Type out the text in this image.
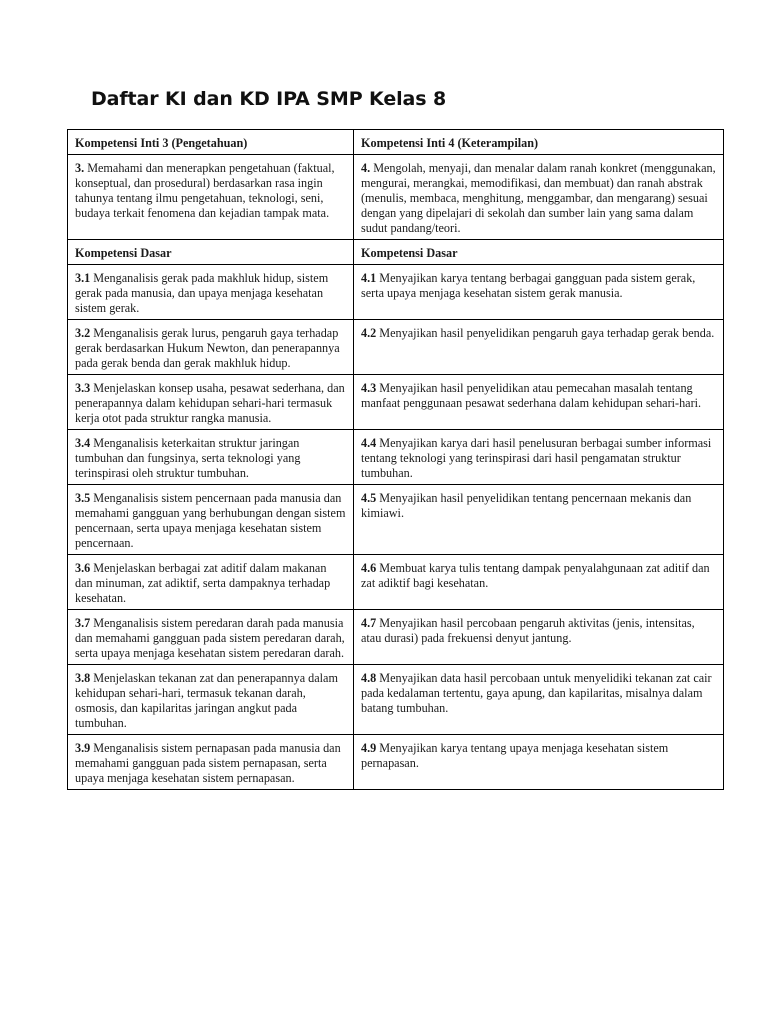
Daftar KI dan KD IPA SMP Kelas 8
Kompetensi Inti 3 (Pengetahuan)	Kompetensi Inti 4 (Keterampilan)
3. Memahami dan menerapkan pengetahuan (faktual, konseptual, dan prosedural) berdasarkan rasa ingin tahunya tentang ilmu pengetahuan, teknologi, seni, budaya terkait fenomena dan kejadian tampak mata.	4. Mengolah, menyaji, dan menalar dalam ranah konkret (menggunakan, mengurai, merangkai, memodifikasi, dan membuat) dan ranah abstrak (menulis, membaca, menghitung, menggambar, dan mengarang) sesuai dengan yang dipelajari di sekolah dan sumber lain yang sama dalam sudut pandang/teori.
Kompetensi Dasar	Kompetensi Dasar
3.1 Menganalisis gerak pada makhluk hidup, sistem gerak pada manusia, dan upaya menjaga kesehatan sistem gerak.	4.1 Menyajikan karya tentang berbagai gangguan pada sistem gerak, serta upaya menjaga kesehatan sistem gerak manusia.
3.2 Menganalisis gerak lurus, pengaruh gaya terhadap gerak berdasarkan Hukum Newton, dan penerapannya pada gerak benda dan gerak makhluk hidup.	4.2 Menyajikan hasil penyelidikan pengaruh gaya terhadap gerak benda.
3.3 Menjelaskan konsep usaha, pesawat sederhana, dan penerapannya dalam kehidupan sehari-hari termasuk kerja otot pada struktur rangka manusia.	4.3 Menyajikan hasil penyelidikan atau pemecahan masalah tentang manfaat penggunaan pesawat sederhana dalam kehidupan sehari-hari.
3.4 Menganalisis keterkaitan struktur jaringan tumbuhan dan fungsinya, serta teknologi yang terinspirasi oleh struktur tumbuhan.	4.4 Menyajikan karya dari hasil penelusuran berbagai sumber informasi tentang teknologi yang terinspirasi dari hasil pengamatan struktur tumbuhan.
3.5 Menganalisis sistem pencernaan pada manusia dan memahami gangguan yang berhubungan dengan sistem pencernaan, serta upaya menjaga kesehatan sistem pencernaan.	4.5 Menyajikan hasil penyelidikan tentang pencernaan mekanis dan kimiawi.
3.6 Menjelaskan berbagai zat aditif dalam makanan dan minuman, zat adiktif, serta dampaknya terhadap kesehatan.	4.6 Membuat karya tulis tentang dampak penyalahgunaan zat aditif dan zat adiktif bagi kesehatan.
3.7 Menganalisis sistem peredaran darah pada manusia dan memahami gangguan pada sistem peredaran darah, serta upaya menjaga kesehatan sistem peredaran darah.	4.7 Menyajikan hasil percobaan pengaruh aktivitas (jenis, intensitas, atau durasi) pada frekuensi denyut jantung.
3.8 Menjelaskan tekanan zat dan penerapannya dalam kehidupan sehari-hari, termasuk tekanan darah, osmosis, dan kapilaritas jaringan angkut pada tumbuhan.	4.8 Menyajikan data hasil percobaan untuk menyelidiki tekanan zat cair pada kedalaman tertentu, gaya apung, dan kapilaritas, misalnya dalam batang tumbuhan.
3.9 Menganalisis sistem pernapasan pada manusia dan memahami gangguan pada sistem pernapasan, serta upaya menjaga kesehatan sistem pernapasan.	4.9 Menyajikan karya tentang upaya menjaga kesehatan sistem pernapasan.
